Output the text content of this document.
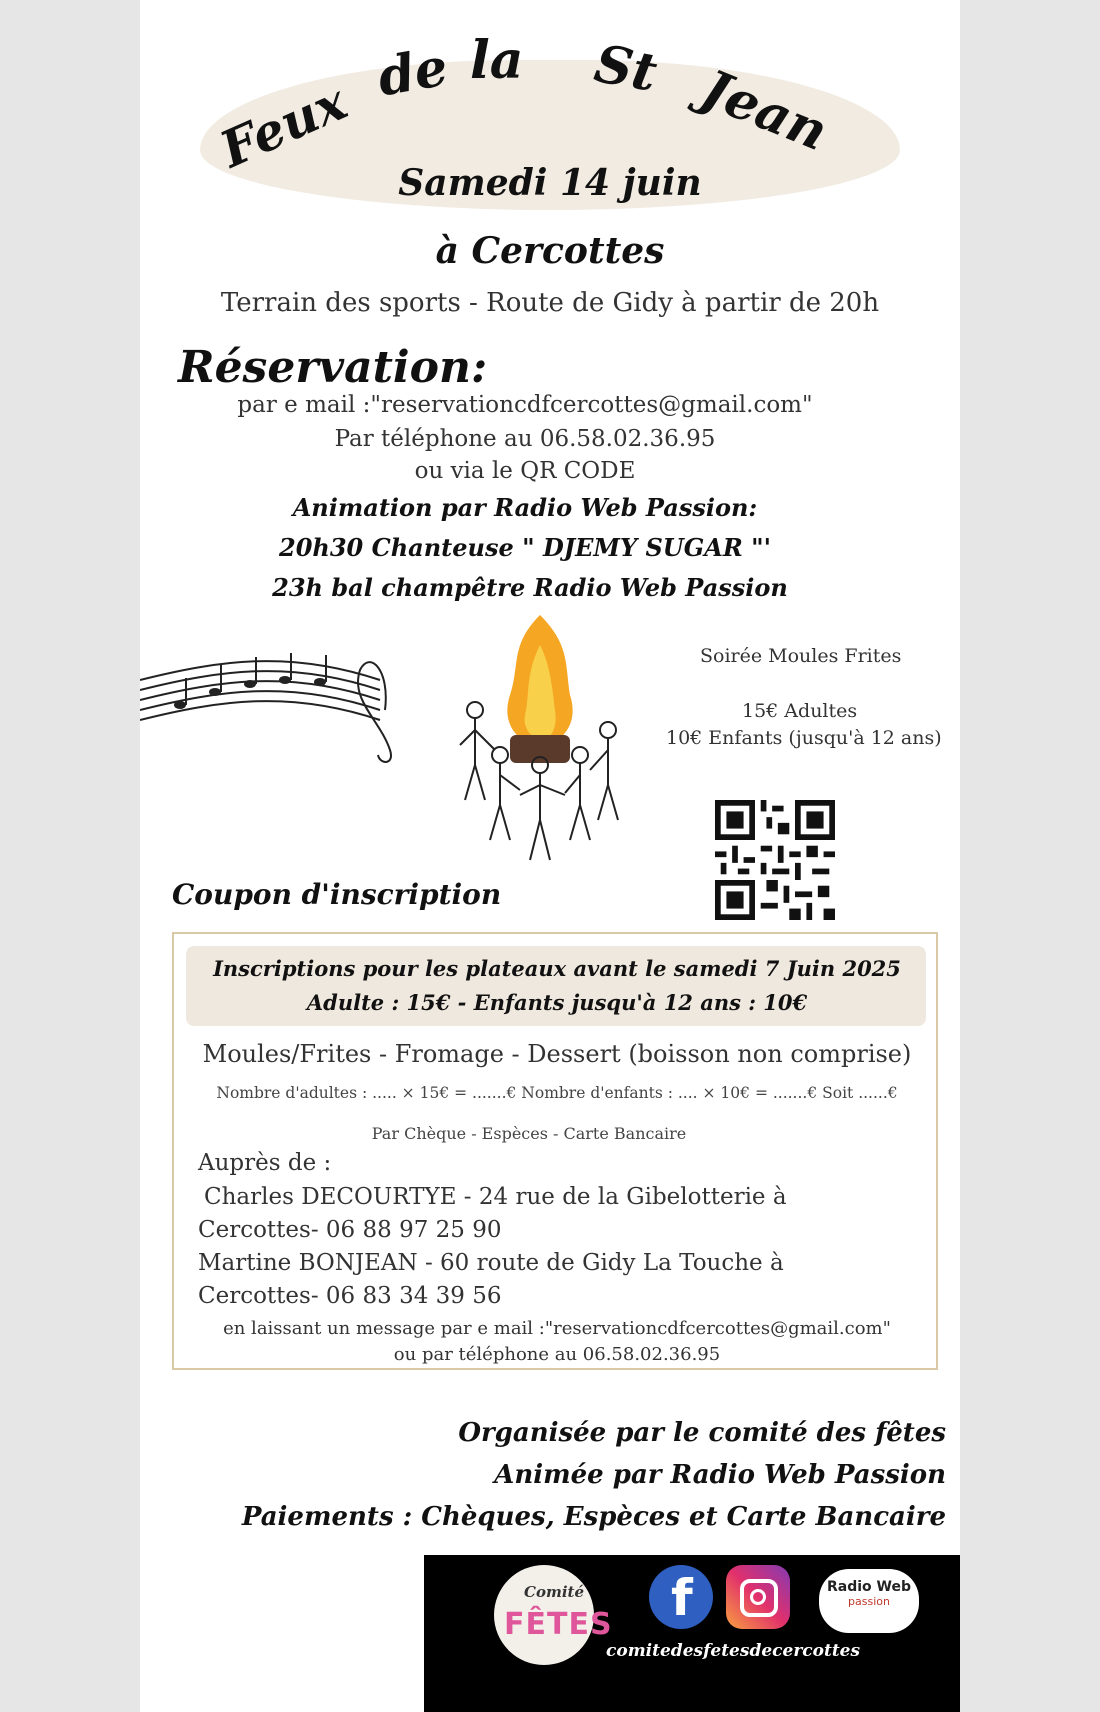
Feux de la St Jean
Samedi 14 juin
à Cercottes
Terrain des sports - Route de Gidy à partir de 20h
Réservation:
par e mail :"reservationcdfcercottes@gmail.com"
Par téléphone au 06.58.02.36.95
ou via le QR CODE
Animation par Radio Web Passion:
20h30 Chanteuse " DJEMY SUGAR "'
23h bal champêtre Radio Web Passion
Soirée Moules Frites
15€ Adultes
10€ Enfants (jusqu'à 12 ans)
Coupon d'inscription
Inscriptions pour les plateaux avant le samedi 7 Juin 2025
Adulte : 15€ - Enfants jusqu'à 12 ans : 10€
Moules/Frites - Fromage - Dessert (boisson non comprise)
Nombre d'adultes : ..... × 15€ = .......€ Nombre d'enfants : .... × 10€ = .......€ Soit ......€
Par Chèque - Espèces - Carte Bancaire
Auprès de :
Charles DECOURTYE - 24 rue de la Gibelotterie à
Cercottes- 06 88 97 25 90
Martine BONJEAN - 60 route de Gidy La Touche à
Cercottes- 06 83 34 39 56
en laissant un message par e mail :"reservationcdfcercottes@gmail.com"
ou par téléphone au 06.58.02.36.95
Organisée par le comité des fêtes
Animée par Radio Web Passion
Paiements : Chèques, Espèces et Carte Bancaire
Comité
FÊTES f	Radio Web
passion
comitedesfetesdecercottes
